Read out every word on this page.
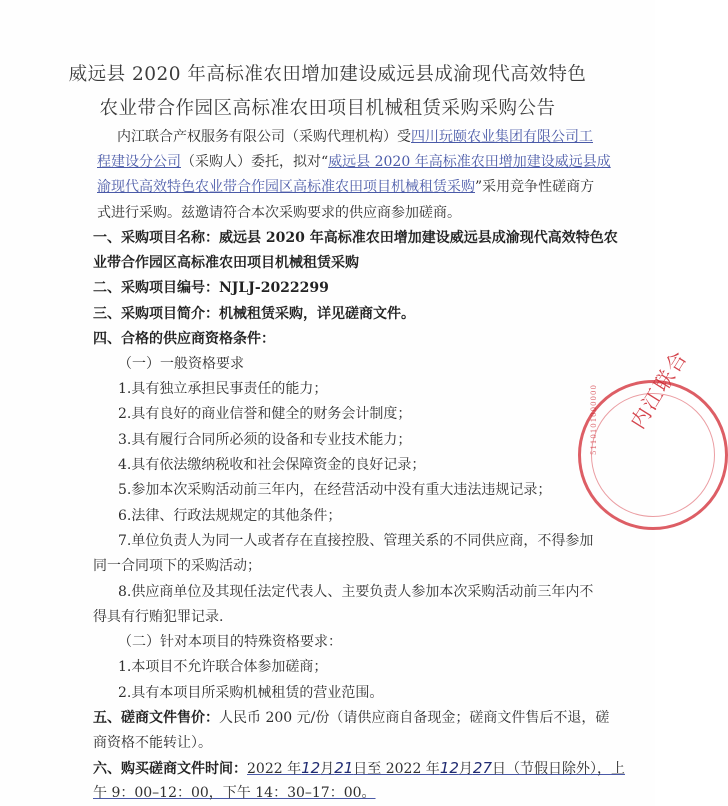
威远县 2020 年高标准农田增加建设威远县成渝现代高效特色
农业带合作园区高标准农田项目机械租赁采购采购公告
内江联合产权服务有限公司（采购代理机构）受四川玩颐农业集团有限公司工
程建设分公司（采购人）委托，拟对“威远县 2020 年高标准农田增加建设威远县成
渝现代高效特色农业带合作园区高标准农田项目机械租赁采购”采用竞争性磋商方
式进行采购。兹邀请符合本次采购要求的供应商参加磋商。
一、采购项目名称：威远县 2020 年高标准农田增加建设威远县成渝现代高效特色农
业带合作园区高标准农田项目机械租赁采购
二、采购项目编号：NJLJ-2022299
三、采购项目简介：机械租赁采购，详见磋商文件。
四、合格的供应商资格条件：
（一）一般资格要求
1.具有独立承担民事责任的能力；
2.具有良好的商业信誉和健全的财务会计制度；
3.具有履行合同所必须的设备和专业技术能力；
4.具有依法缴纳税收和社会保障资金的良好记录；
5.参加本次采购活动前三年内，在经营活动中没有重大违法违规记录；
6.法律、行政法规规定的其他条件；
7.单位负责人为同一人或者存在直接控股、管理关系的不同供应商，不得参加
同一合同项下的采购活动；
8.供应商单位及其现任法定代表人、主要负责人参加本次采购活动前三年内不
得具有行贿犯罪记录.
（二）针对本项目的特殊资格要求：
1.本项目不允许联合体参加磋商；
2.具有本项目所采购机械租赁的营业范围。
五、磋商文件售价：人民币 200 元/份（请供应商自备现金；磋商文件售后不退，磋
商资格不能转让）。
六、购买磋商文件时间：2022 年12月21日至 2022 年12月27日（节假日除外），上
午 9：00–12：00，下午 14：30–17：00。
内江联合
5110101000000
